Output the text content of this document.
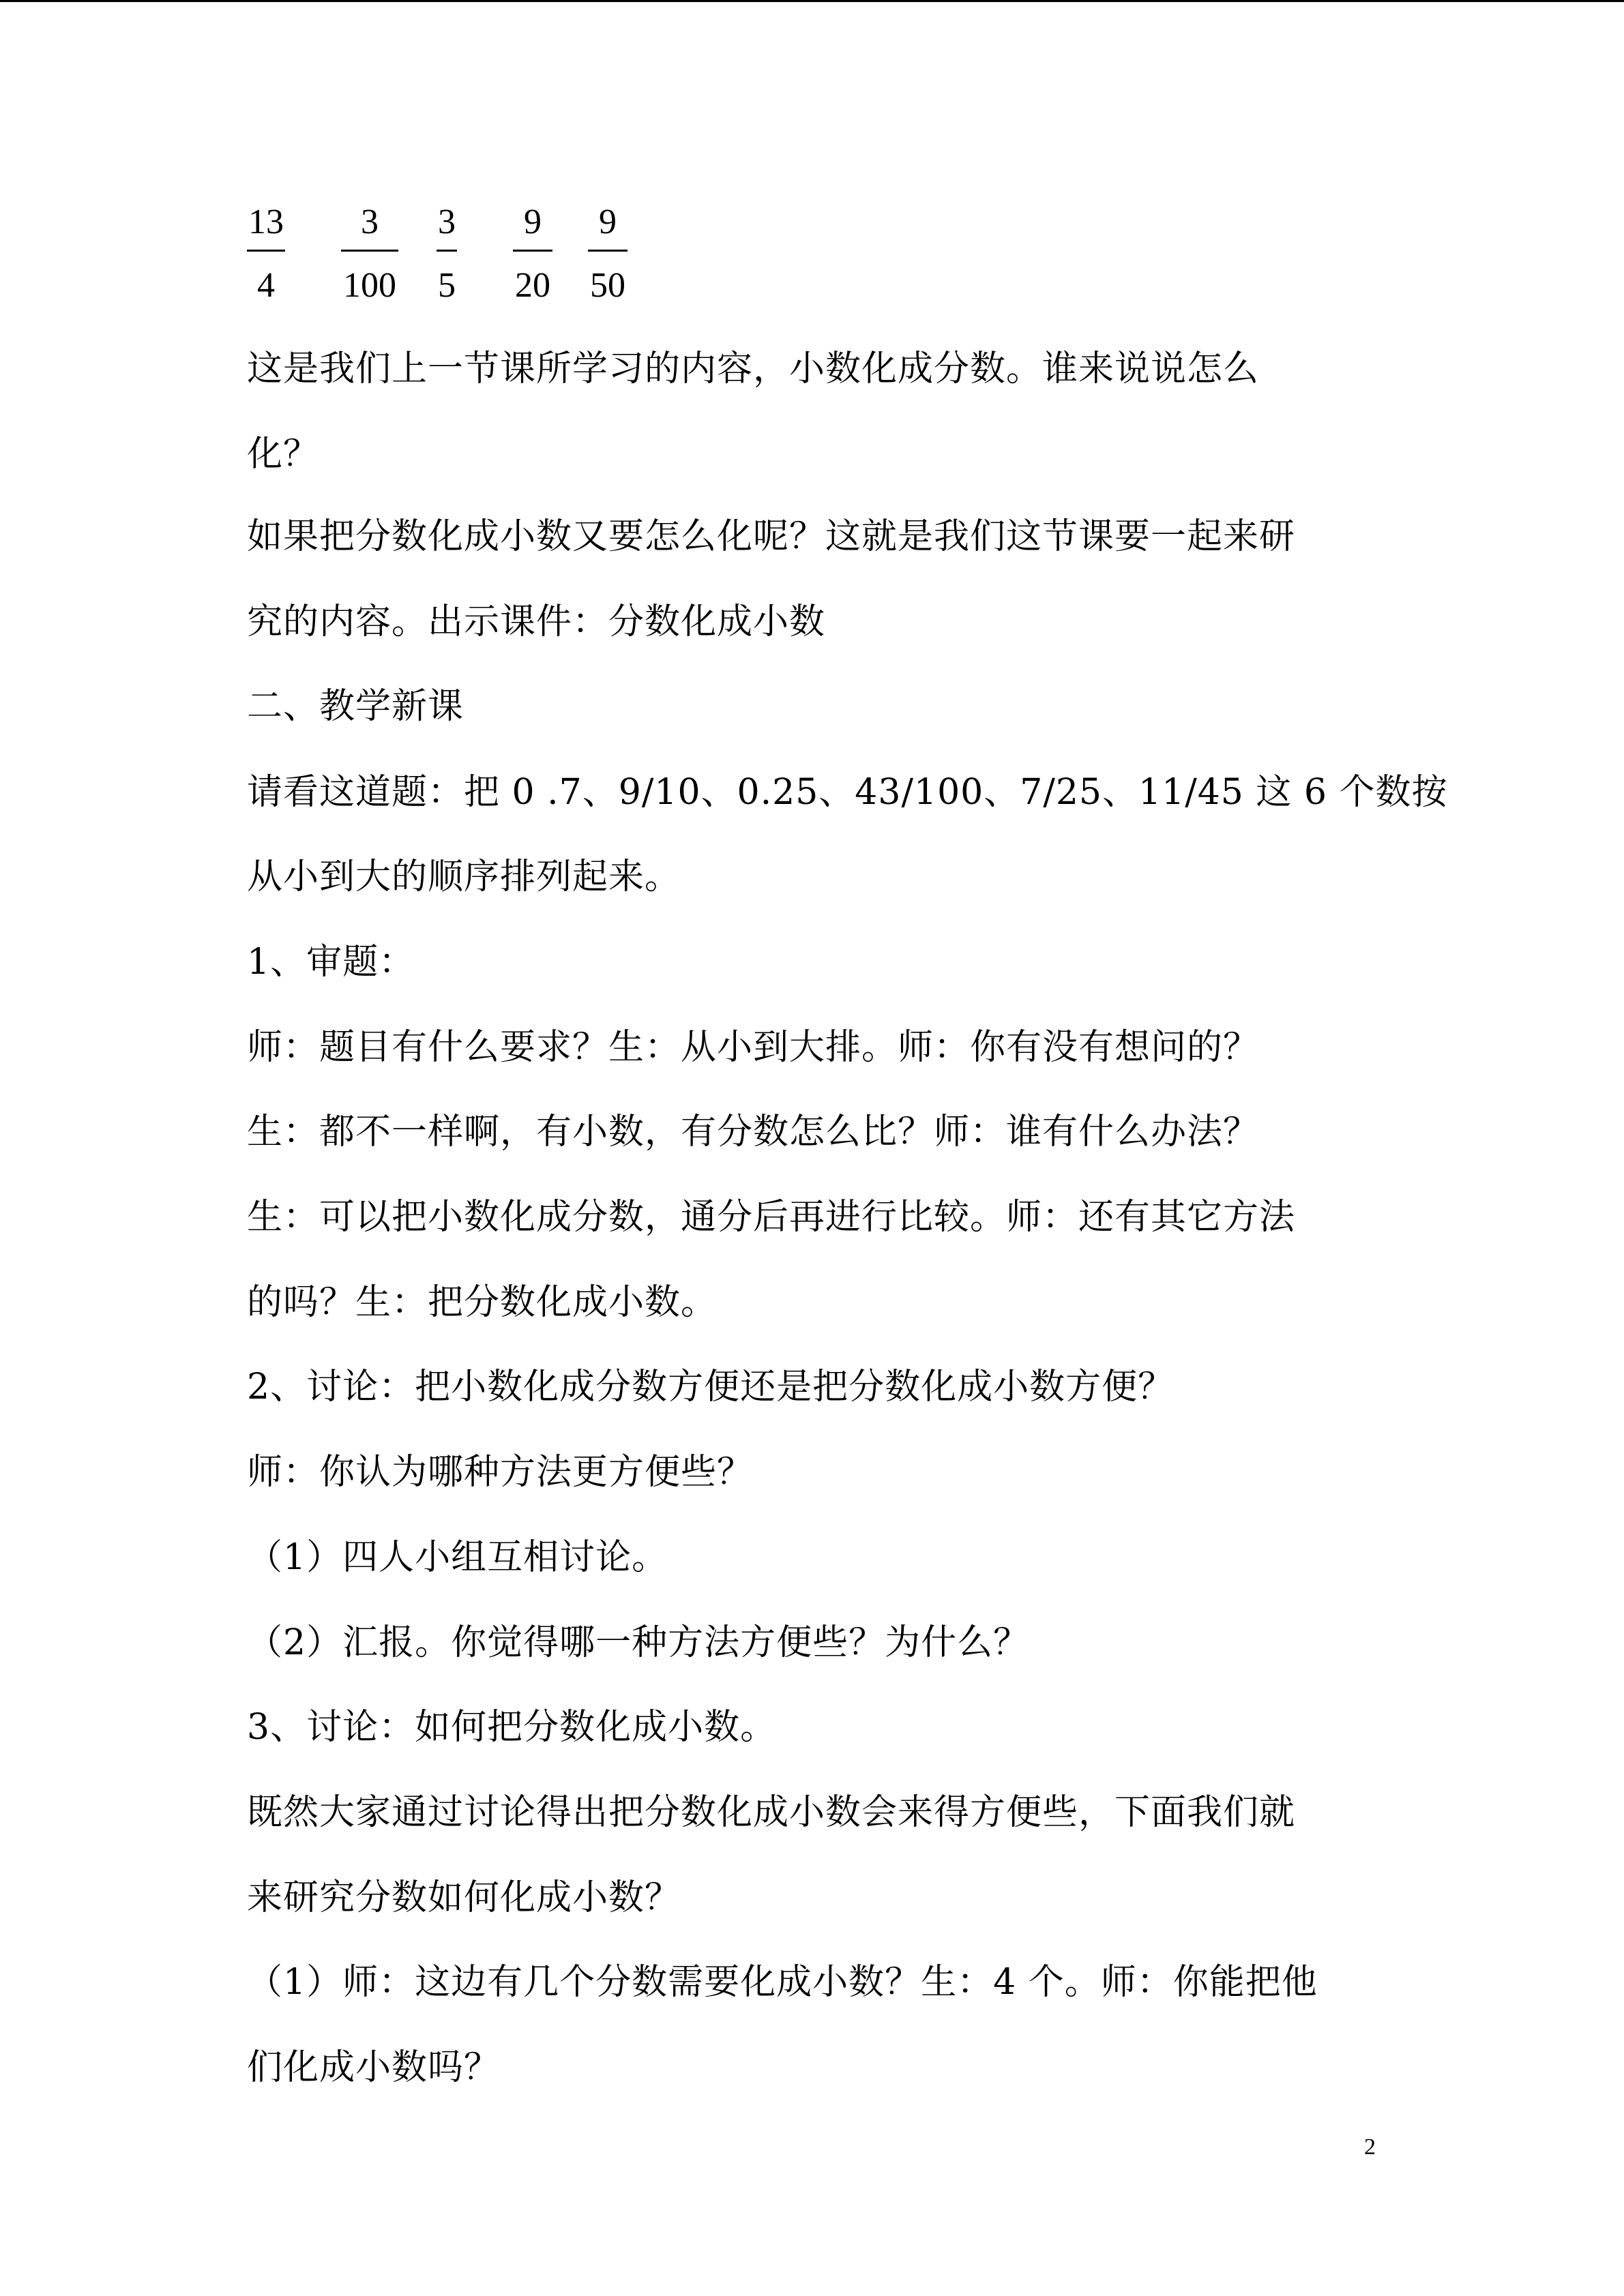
13
4
3
100
3
5
9
20
9
50
这是我们上一节课所学习的内容，小数化成分数。谁来说说怎么
化？
如果把分数化成小数又要怎么化呢？这就是我们这节课要一起来研
究的内容。出示课件：分数化成小数
二、教学新课
请看这道题：把 0 .7、9/10、0.25、43/100、7/25、11/45 这 6 个数按
从小到大的顺序排列起来。
1、审题：
师：题目有什么要求？生：从小到大排。师：你有没有想问的？
生：都不一样啊，有小数，有分数怎么比？师：谁有什么办法？
生：可以把小数化成分数，通分后再进行比较。师：还有其它方法
的吗？生：把分数化成小数。
2、讨论：把小数化成分数方便还是把分数化成小数方便？
师：你认为哪种方法更方便些？
（1）四人小组互相讨论。
（2）汇报。你觉得哪一种方法方便些？为什么？
3、讨论：如何把分数化成小数。
既然大家通过讨论得出把分数化成小数会来得方便些，下面我们就
来研究分数如何化成小数？
（1）师：这边有几个分数需要化成小数？生：4 个。师：你能把他
们化成小数吗？
2
